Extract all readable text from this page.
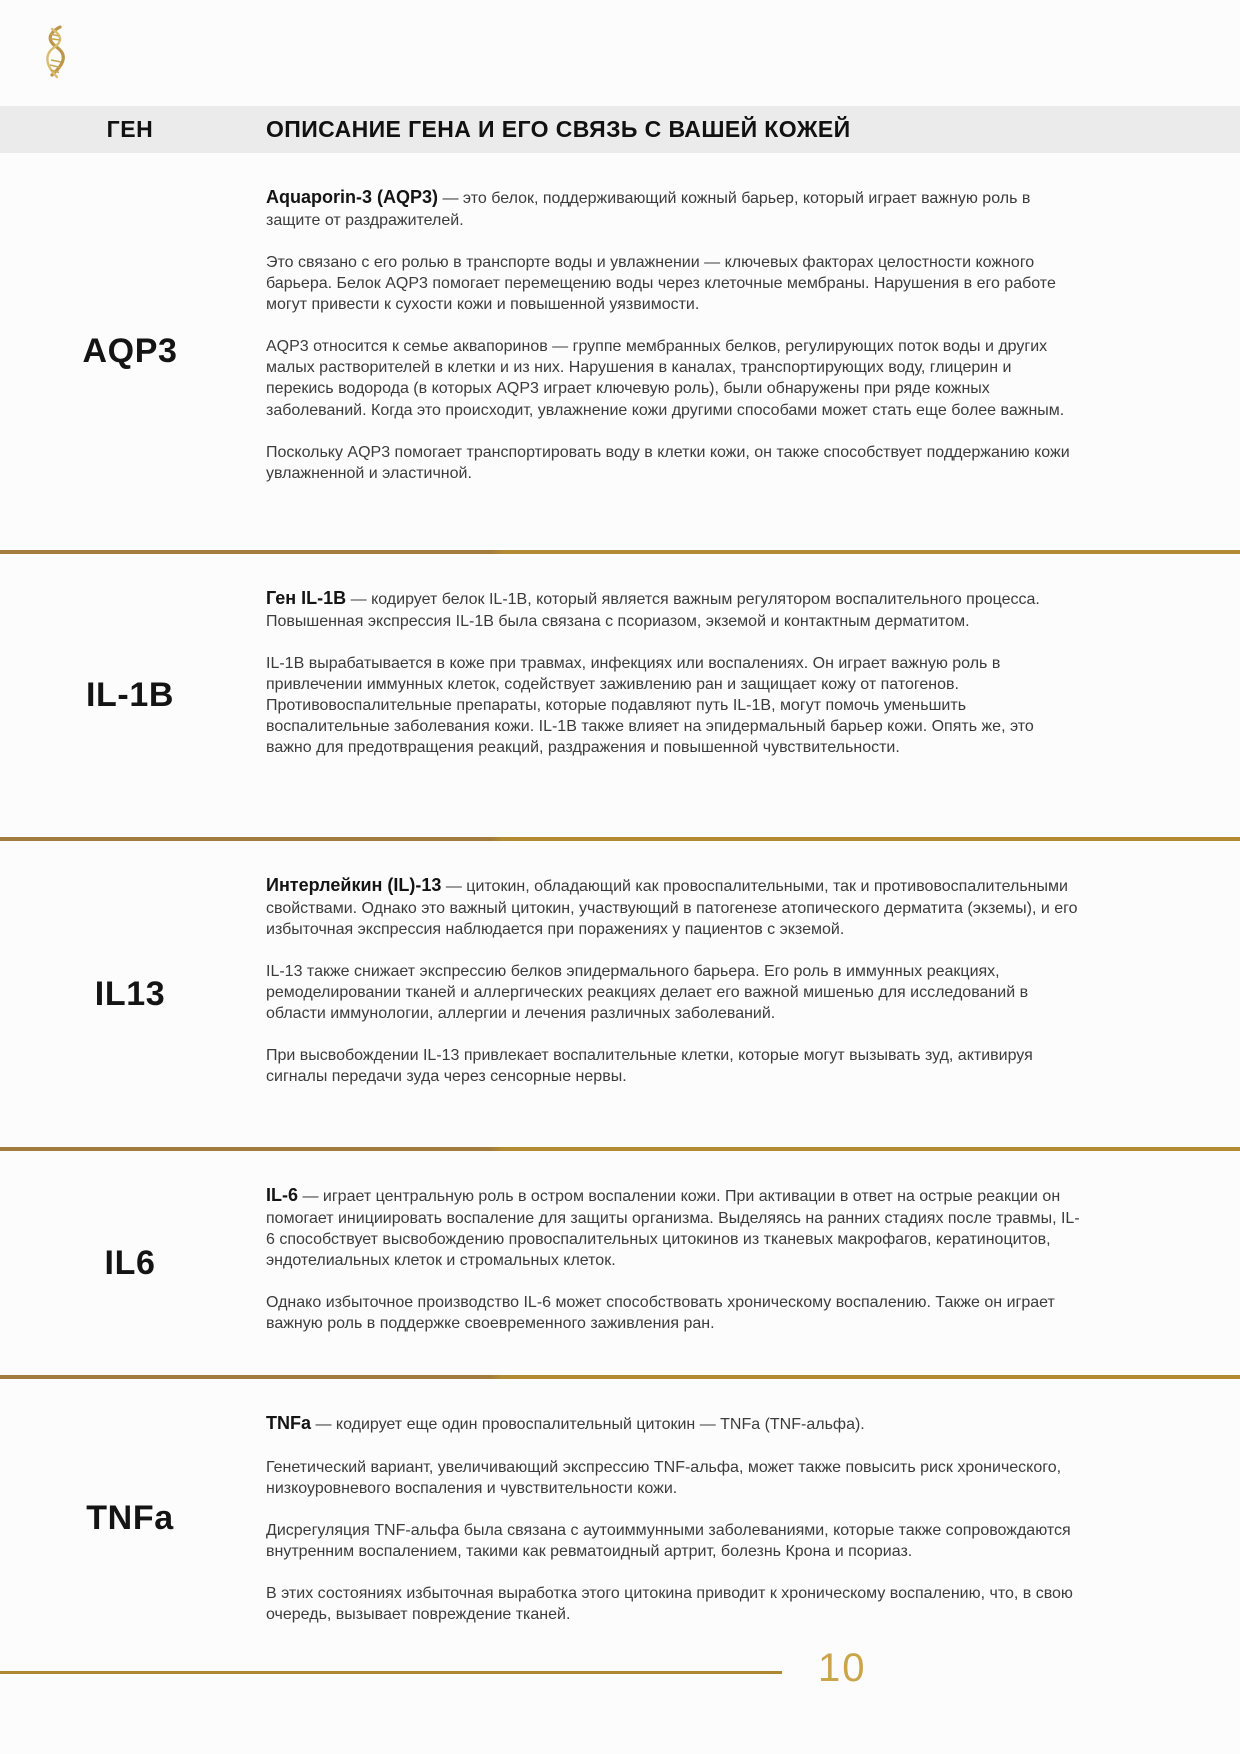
ГЕН	ОПИСАНИЕ ГЕНА И ЕГО СВЯЗЬ С ВАШЕЙ КОЖЕЙ
AQP3

Aquaporin-3 (AQP3) — это белок, поддерживающий кожный барьер, который играет важную роль в защите от раздражителей.

Это связано с его ролью в транспорте воды и увлажнении — ключевых факторах целостности кожного барьера. Белок AQP3 помогает перемещению воды через клеточные мембраны. Нарушения в его работе могут привести к сухости кожи и повышенной уязвимости.

AQP3 относится к семье аквапоринов — группе мембранных белков, регулирующих поток воды и других малых растворителей в клетки и из них. Нарушения в каналах, транспортирующих воду, глицерин и перекись водорода (в которых AQP3 играет ключевую роль), были обнаружены при ряде кожных заболеваний. Когда это происходит, увлажнение кожи другими способами может стать еще более важным.

Поскольку AQP3 помогает транспортировать воду в клетки кожи, он также способствует поддержанию кожи увлажненной и эластичной.

IL-1B

Ген IL-1B — кодирует белок IL-1B, который является важным регулятором воспалительного процесса. Повышенная экспрессия IL-1B была связана с псориазом, экземой и контактным дерматитом.

IL-1B вырабатывается в коже при травмах, инфекциях или воспалениях. Он играет важную роль в привлечении иммунных клеток, содействует заживлению ран и защищает кожу от патогенов. Противовоспалительные препараты, которые подавляют путь IL-1B, могут помочь уменьшить воспалительные заболевания кожи. IL-1B также влияет на эпидермальный барьер кожи. Опять же, это важно для предотвращения реакций, раздражения и повышенной чувствительности.

IL13

Интерлейкин (IL)-13 — цитокин, обладающий как провоспалительными, так и противовоспалительными свойствами. Однако это важный цитокин, участвующий в патогенезе атопического дерматита (экземы), и его избыточная экспрессия наблюдается при поражениях у пациентов с экземой.

IL-13 также снижает экспрессию белков эпидермального барьера. Его роль в иммунных реакциях, ремоделировании тканей и аллергических реакциях делает его важной мишенью для исследований в области иммунологии, аллергии и лечения различных заболеваний.

При высвобождении IL-13 привлекает воспалительные клетки, которые могут вызывать зуд, активируя сигналы передачи зуда через сенсорные нервы.

IL6

IL-6 — играет центральную роль в остром воспалении кожи. При активации в ответ на острые реакции он помогает инициировать воспаление для защиты организма. Выделяясь на ранних стадиях после травмы, IL-6 способствует высвобождению провоспалительных цитокинов из тканевых макрофагов, кератиноцитов, эндотелиальных клеток и стромальных клеток.

Однако избыточное производство IL-6 может способствовать хроническому воспалению. Также он играет важную роль в поддержке своевременного заживления ран.

TNFa

TNFa — кодирует еще один провоспалительный цитокин — TNFa (TNF-альфа).

Генетический вариант, увеличивающий экспрессию TNF-альфа, может также повысить риск хронического, низкоуровневого воспаления и чувствительности кожи.

Дисрегуляция TNF-альфа была связана с аутоиммунными заболеваниями, которые также сопровождаются внутренним воспалением, такими как ревматоидный артрит, болезнь Крона и псориаз.

В этих состояниях избыточная выработка этого цитокина приводит к хроническому воспалению, что, в свою очередь, вызывает повреждение тканей.

10
